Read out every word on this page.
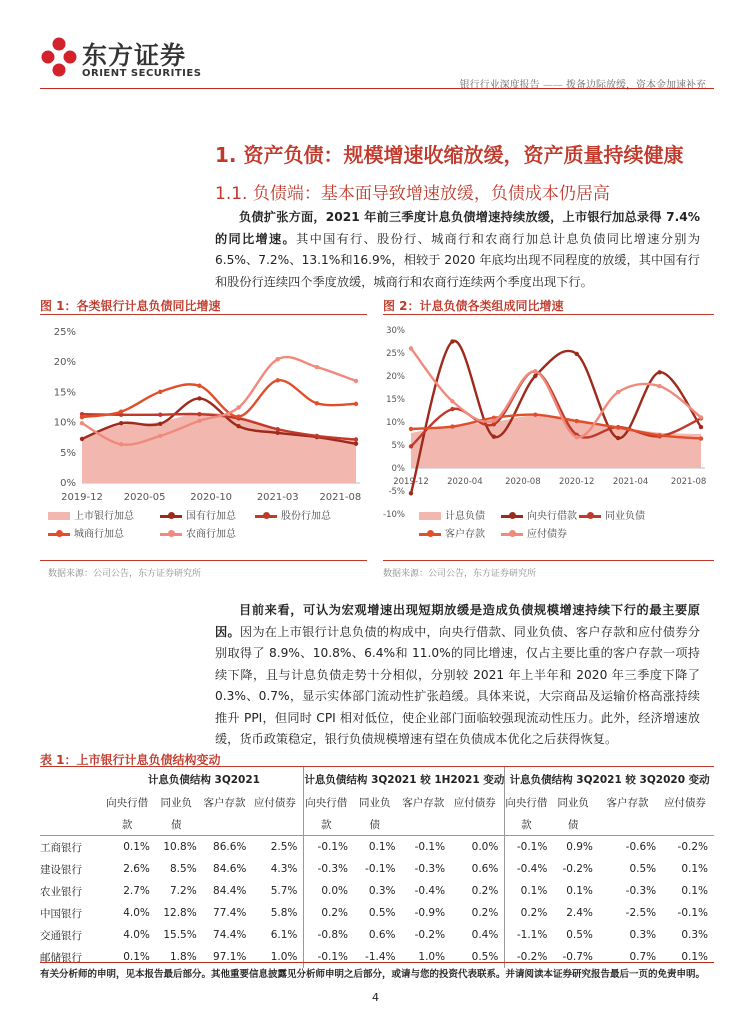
东方证券
ORIENT SECURITIES
银行行业深度报告 —— 拨备边际放缓，资本金加速补充
1. 资产负债：规模增速收缩放缓，资产质量持续健康
1.1. 负债端：基本面导致增速放缓，负债成本仍居高
负债扩张方面，2021 年前三季度计息负债增速持续放缓，上市银行加总录得 7.4%的同比增速。其中国有行、股份行、城商行和农商行加总计息负债同比增速分别为 6.5%、7.2%、13.1%和16.9%，相较于 2020 年底均出现不同程度的放缓，其中国有行和股份行连续四个季度放缓，城商行和农商行连续两个季度出现下行。
图 1：各类银行计息负债同比增速
0%
5%
10%
15%
20%
25%
2019-12 2020-05 2020-10 2021-03 2021-08
上市银行加总	国有行加总	股份行加总
城商行加总	农商行加总
数据来源：公司公告，东方证券研究所
图 2：计息负债各类组成同比增速
-10%
-5%
0%
5%
10%
15%
20%
25%
30%
2019-12 2020-04	2020-08 2020-12 2021-04	2021-08
计息负债	向央行借款	同业负债
客户存款	应付债券
数据来源：公司公告，东方证券研究所
目前来看，可认为宏观增速出现短期放缓是造成负债规模增速持续下行的最主要原因。因为在上市银行计息负债的构成中，向央行借款、同业负债、客户存款和应付债券分别取得了 8.9%、10.8%、6.4%和 11.0%的同比增速，仅占主要比重的客户存款一项持续下降，且与计息负债走势十分相似，分别较 2021 年上半年和 2020 年三季度下降了 0.3%、0.7%，显示实体部门流动性扩张趋缓。具体来说，大宗商品及运输价格高涨持续推升 PPI，但同时 CPI 相对低位，使企业部门面临较强现流动性压力。此外，经济增速放缓，货币政策稳定，银行负债规模增速有望在负债成本优化之后获得恢复。
表 1：上市银行计息负债结构变动
	计息负债结构 3Q2021				计息负债结构 3Q2021 较 1H2021 变动				计息负债结构 3Q2021 较 3Q2020 变动			
	向央行借	同业负	客户存款	应付债券	向央行借	同业负	客户存款	应付债券	向央行借	同业负	客户存款	应付债券
	款	债			款	债			款	债		
工商银行	0.1%	10.8%	86.6%	2.5%	-0.1%	0.1%	-0.1%	0.0%	-0.1%	0.9%	-0.6%	-0.2%
建设银行	2.6%	8.5%	84.6%	4.3%	-0.3%	-0.1%	-0.3%	0.6%	-0.4%	-0.2%	0.5%	0.1%
农业银行	2.7%	7.2%	84.4%	5.7%	0.0%	0.3%	-0.4%	0.2%	0.1%	0.1%	-0.3%	0.1%
中国银行	4.0%	12.8%	77.4%	5.8%	0.2%	0.5%	-0.9%	0.2%	0.2%	2.4%	-2.5%	-0.1%
交通银行	4.0%	15.5%	74.4%	6.1%	-0.8%	0.6%	-0.2%	0.4%	-1.1%	0.5%	0.3%	0.3%
邮储银行	0.1%	1.8%	97.1%	1.0%	-0.1%	-1.4%	1.0%	0.5%	-0.2%	-0.7%	0.7%	0.1%
有关分析师的申明，见本报告最后部分。其他重要信息披露见分析师申明之后部分，或请与您的投资代表联系。并请阅读本证券研究报告最后一页的免责申明。
4
